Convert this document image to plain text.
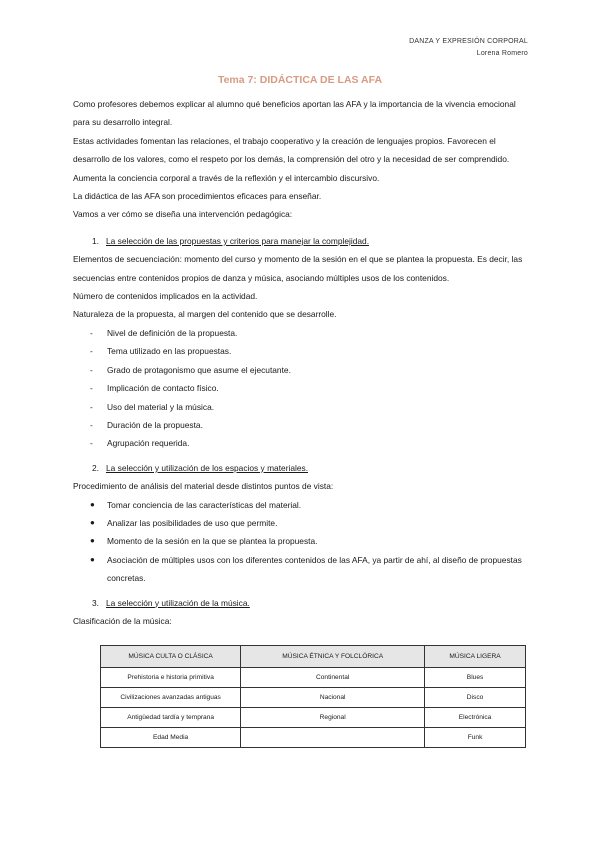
DANZA Y EXPRESIÓN CORPORAL
Lorena Romero
Tema 7: DIDÁCTICA DE LAS AFA

Como profesores debemos explicar al alumno qué beneficios aportan las AFA y la importancia de la vivencia emocional para su desarrollo integral.

Estas actividades fomentan las relaciones, el trabajo cooperativo y la creación de lenguajes propios. Favorecen el desarrollo de los valores, como el respeto por los demás, la comprensión del otro y la necesidad de ser comprendido. Aumenta la conciencia corporal a través de la reflexión y el intercambio discursivo.

La didáctica de las AFA son procedimientos eficaces para enseñar.

Vamos a ver cómo se diseña una intervención pedagógica:

1. La selección de las propuestas y criterios para manejar la complejidad.

Elementos de secuenciación: momento del curso y momento de la sesión en el que se plantea la propuesta. Es decir, las secuencias entre contenidos propios de danza y música, asociando múltiples usos de los contenidos.

Número de contenidos implicados en la actividad.

Naturaleza de la propuesta, al margen del contenido que se desarrolle.

- Nivel de definición de la propuesta.
- Tema utilizado en las propuestas.
- Grado de protagonismo que asume el ejecutante.
- Implicación de contacto físico.
- Uso del material y la música.
- Duración de la propuesta.
- Agrupación requerida.
2. La selección y utilización de los espacios y materiales.

Procedimiento de análisis del material desde distintos puntos de vista:

● Tomar conciencia de las características del material.
● Analizar las posibilidades de uso que permite.
● Momento de la sesión en la que se plantea la propuesta.
● Asociación de múltiples usos con los diferentes contenidos de las AFA, ya partir de ahí, al diseño de propuestas concretas.
3. La selección y utilización de la música.

Clasificación de la música:

MÚSICA CULTA O CLÁSICA	MÚSICA ÉTNICA Y FOLCLÓRICA	MÚSICA LIGERA
Prehistoria e historia primitiva	Continental	Blues
Civilizaciones avanzadas antiguas	Nacional	Disco
Antigüedad tardía y temprana	Regional	Electrónica
Edad Media		Funk
